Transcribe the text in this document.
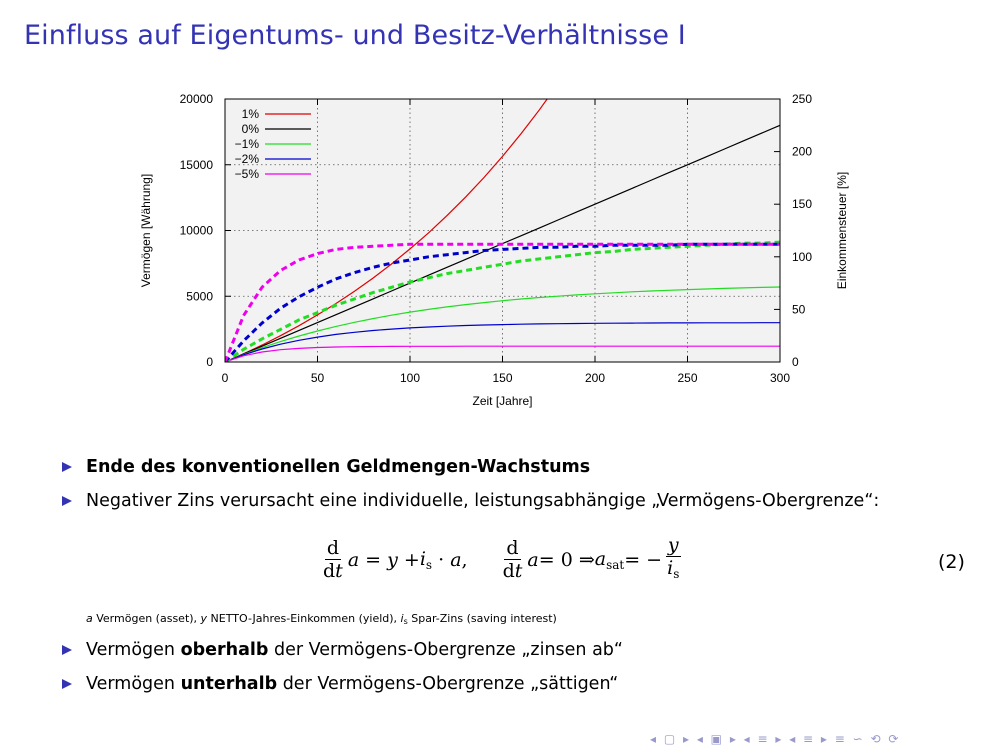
Einfluss auf Eigentums- und Besitz-Verhältnisse I
0	50	100	150	200	250	300
0
5000
10000
15000
20000
0
50
100
150
200
250
1%
0%
−1%
−2%
−5%
Zeit [Jahre]
Vermögen [Währung]	Einkommensteuer [%]
Ende des konventionellen Geldmengen-Wachstums
Negativer Zins verursacht eine individuelle, leistungsabhängige „Vermögens-Obergrenze“:
$\frac{d}{dt}$ $a = y + i_s \cdot a$, $\frac{d}{dt}$ a = 0 ⇒ $a_{sat}$ = − $\frac{y}{i_s}$	(2)
a Vermögen (asset), y NETTO-Jahres-Einkommen (yield), $i_s$ Spar-Zins (saving interest)
Vermögen oberhalb der Vermögens-Obergrenze „zinsen ab“
Vermögen unterhalb der Vermögens-Obergrenze „sättigen“
◂ ▢ ▸ ◂ ▣ ▸ ◂ ≡ ▸ ◂ ≡ ▸ ≡ ∽ ⟲ ⟳
